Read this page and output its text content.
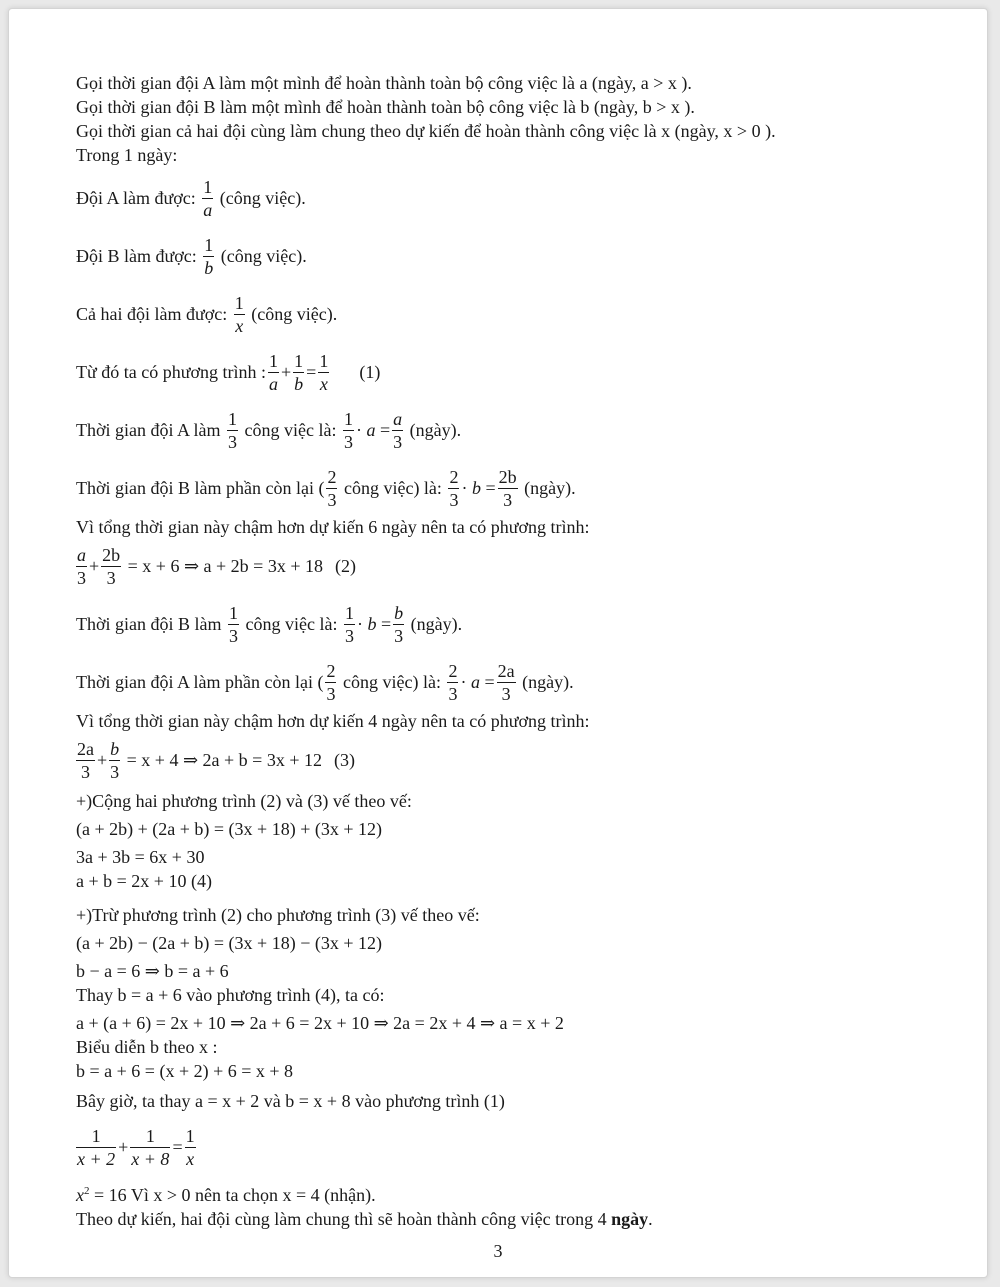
Gọi thời gian đội A làm một mình để hoàn thành toàn bộ công việc là a (ngày, a > x ).
Gọi thời gian đội B làm một mình để hoàn thành toàn bộ công việc là b (ngày, b > x ).
Gọi thời gian cả hai đội cùng làm chung theo dự kiến để hoàn thành công việc là x (ngày, x > 0 ).
Trong 1 ngày:
Đội A làm được:
$\frac{1}{a}$
(công việc).
Đội B làm được:
$\frac{1}{b}$
(công việc).
Cả hai đội làm được:
$\frac{1}{x}$
(công việc).
Từ đó ta có phương trình : $\frac{1}{a} + \frac{1}{b} = \frac{1}{x} (1)$
Thời gian đội A làm
$\frac{1}{3}$
công việc là:
$\frac{1}{3}$ ·
a
= $\frac{a}{3}$
(ngày).
Thời gian đội B làm phần còn lại ( $\frac{2}{3}$
công việc) là:
$\frac{2}{3}$ ·
b
= $\frac{2b}{3}$
(ngày).
Vì tổng thời gian này chậm hơn dự kiến 6 ngày nên ta có phương trình:
$\frac{a}{3} + \frac{2b}{3}$
= x + 6 ⇒ a + 2b = 3x + 18 (2)
Thời gian đội B làm
$\frac{1}{3}$
công việc là:
$\frac{1}{3}$ ·
b
= $\frac{b}{3}$
(ngày).
Thời gian đội A làm phần còn lại ( $\frac{2}{3}$
công việc) là:
$\frac{2}{3}$ ·
a
= $\frac{2a}{3}$
(ngày).
Vì tổng thời gian này chậm hơn dự kiến 4 ngày nên ta có phương trình:
$\frac{2a}{3} + \frac{b}{3}$
= x + 4 ⇒ 2a + b = 3x + 12 (3)
+)Cộng hai phương trình (2) và (3) vế theo vế:
(a + 2b) + (2a + b) = (3x + 18) + (3x + 12)
3a + 3b = 6x + 30
a + b = 2x + 10 (4)
+)Trừ phương trình (2) cho phương trình (3) vế theo vế:
(a + 2b) − (2a + b) = (3x + 18) − (3x + 12)
b − a = 6 ⇒ b = a + 6
Thay b = a + 6 vào phương trình (4), ta có:
a + (a + 6) = 2x + 10 ⇒ 2a + 6 = 2x + 10 ⇒ 2a = 2x + 4 ⇒ a = x + 2
Biểu diễn b theo x :
b = a + 6 = (x + 2) + 6 = x + 8
Bây giờ, ta thay a = x + 2 và b = x + 8 vào phương trình (1)
$\frac{1}{x + 2} + \frac{1}{x + 8} = \frac{1}{x}$
$x^2 = 16$ Vì x > 0 nên ta chọn x = 4 (nhận).
Theo dự kiến, hai đội cùng làm chung thì sẽ hoàn thành công việc trong 4 ngày.
3
